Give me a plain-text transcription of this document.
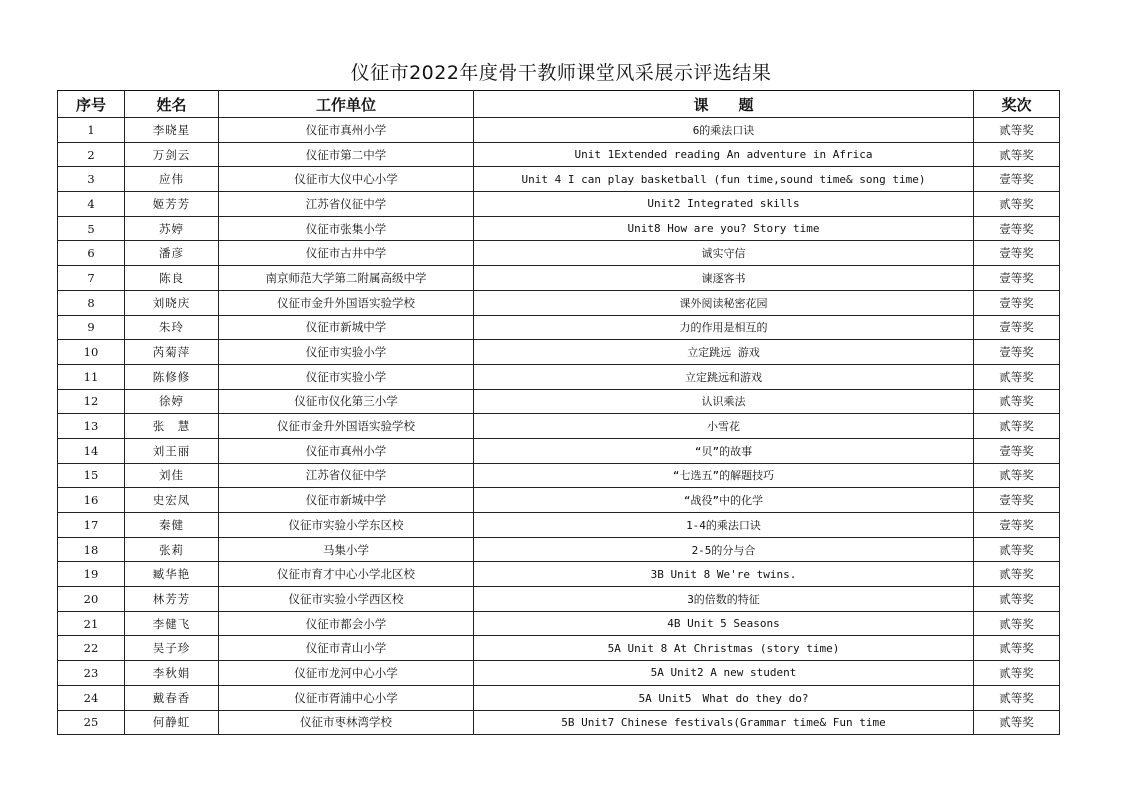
仪征市2022年度骨干教师课堂风采展示评选结果
序号	姓名	工作单位	课　　题	奖次
1	李晓星	仪征市真州小学	6的乘法口诀	贰等奖
2	万剑云	仪征市第二中学	Unit 1Extended reading An adventure in Africa	贰等奖
3	应伟	仪征市大仪中心小学	Unit 4 I can play basketball (fun time,sound time& song time)	壹等奖
4	姬芳芳	江苏省仪征中学	Unit2 Integrated skills	贰等奖
5	苏婷	仪征市张集小学	Unit8 How are you? Story time	壹等奖
6	潘彦	仪征市古井中学	诚实守信	壹等奖
7	陈良	南京师范大学第二附属高级中学	谏逐客书	壹等奖
8	刘晓庆	仪征市金升外国语实验学校	课外阅读秘密花园	壹等奖
9	朱玲	仪征市新城中学	力的作用是相互的	壹等奖
10	芮菊萍	仪征市实验小学	立定跳远 游戏	壹等奖
11	陈修修	仪征市实验小学	立定跳远和游戏	贰等奖
12	徐婷	仪征市仪化第三小学	认识乘法	贰等奖
13	张　慧	仪征市金升外国语实验学校	小雪花	贰等奖
14	刘王丽	仪征市真州小学	“贝”的故事	壹等奖
15	刘佳	江苏省仪征中学	“七选五”的解题技巧	贰等奖
16	史宏凤	仪征市新城中学	“战役”中的化学	壹等奖
17	秦健	仪征市实验小学东区校	1-4的乘法口诀	壹等奖
18	张莉	马集小学	2-5的分与合	贰等奖
19	臧华艳	仪征市育才中心小学北区校	3B Unit 8 We're twins.	贰等奖
20	林芳芳	仪征市实验小学西区校	3的倍数的特征	贰等奖
21	李健飞	仪征市都会小学	4B Unit 5 Seasons	贰等奖
22	吴子珍	仪征市青山小学	5A Unit 8 At Christmas (story time)	贰等奖
23	李秋娟	仪征市龙河中心小学	5A Unit2 A new student	贰等奖
24	戴春香	仪征市胥浦中心小学	5A Unit5　What do they do?	贰等奖
25	何静虹	仪征市枣林湾学校	5B Unit7 Chinese festivals(Grammar time& Fun time	贰等奖
